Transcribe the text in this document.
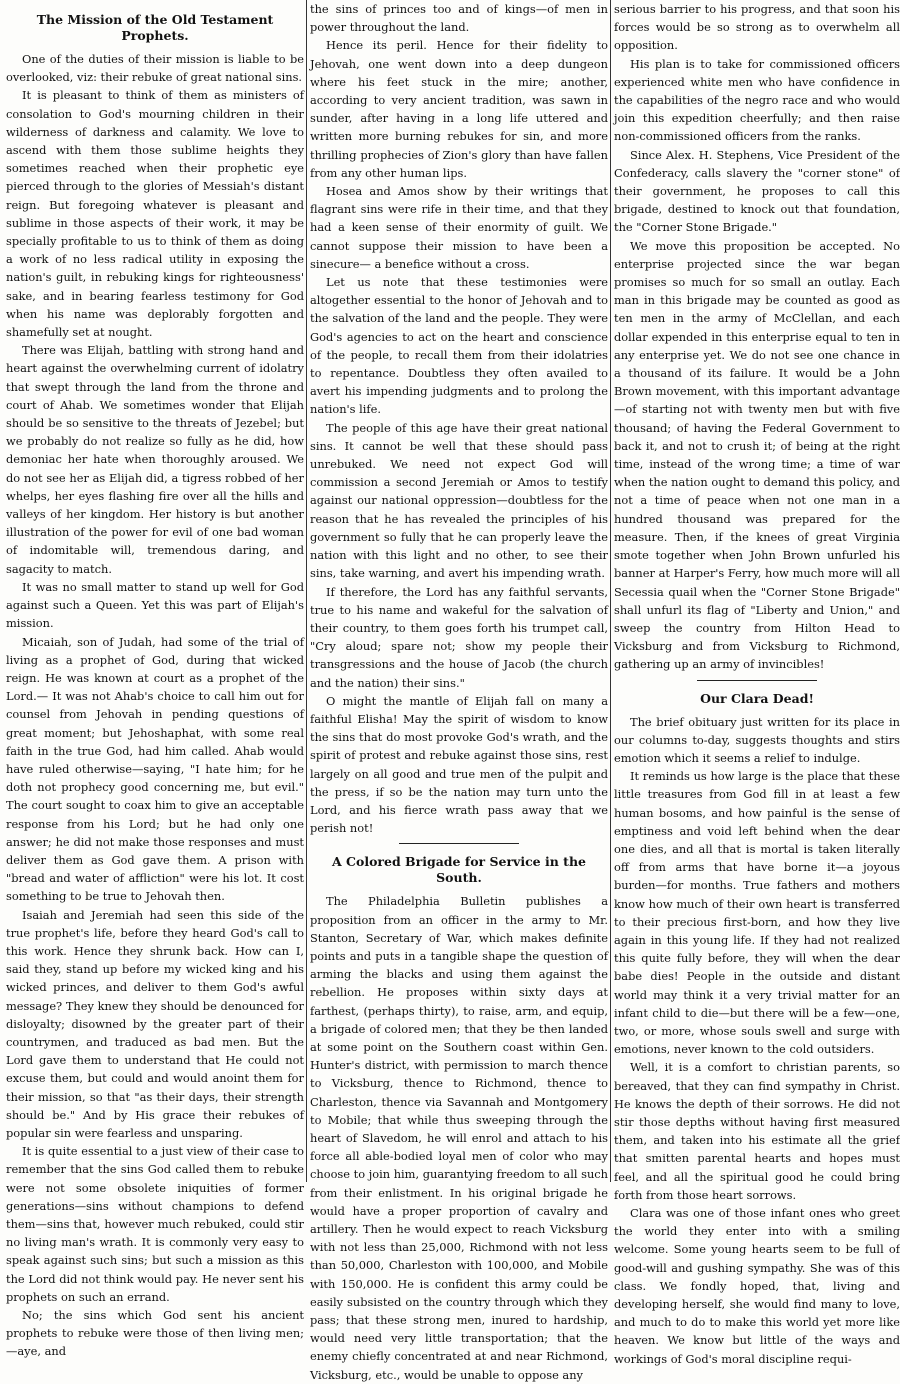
The Mission of the Old Testament Prophets.

One of the duties of their mission is liable to be overlooked, viz: their rebuke of great national sins.

It is pleasant to think of them as ministers of consolation to God's mourning children in their wilderness of darkness and calamity. We love to ascend with them those sublime heights they sometimes reached when their prophetic eye pierced through to the glories of Messiah's distant reign. But foregoing whatever is pleasant and sublime in those aspects of their work, it may be specially profitable to us to think of them as doing a work of no less radical utility in exposing the nation's guilt, in rebuking kings for righteousness' sake, and in bearing fearless testimony for God when his name was deplorably forgotten and shamefully set at nought.

There was Elijah, battling with strong hand and heart against the overwhelming current of idolatry that swept through the land from the throne and court of Ahab. We sometimes wonder that Elijah should be so sensitive to the threats of Jezebel; but we probably do not realize so fully as he did, how demoniac her hate when thoroughly aroused. We do not see her as Elijah did, a tigress robbed of her whelps, her eyes flashing fire over all the hills and valleys of her kingdom. Her history is but another illustration of the power for evil of one bad woman of indomitable will, tremendous daring, and sagacity to match.

It was no small matter to stand up well for God against such a Queen. Yet this was part of Elijah's mission.

Micaiah, son of Judah, had some of the trial of living as a prophet of God, during that wicked reign. He was known at court as a prophet of the Lord.— It was not Ahab's choice to call him out for counsel from Jehovah in pending questions of great moment; but Jehoshaphat, with some real faith in the true God, had him called. Ahab would have ruled otherwise—saying, "I hate him; for he doth not prophecy good concerning me, but evil." The court sought to coax him to give an acceptable response from his Lord; but he had only one answer; he did not make those responses and must deliver them as God gave them. A prison with "bread and water of affliction" were his lot. It cost something to be true to Jehovah then.

Isaiah and Jeremiah had seen this side of the true prophet's life, before they heard God's call to this work. Hence they shrunk back. How can I, said they, stand up before my wicked king and his wicked princes, and deliver to them God's awful message? They knew they should be denounced for disloyalty; disowned by the greater part of their countrymen, and traduced as bad men. But the Lord gave them to understand that He could not excuse them, but could and would anoint them for their mission, so that "as their days, their strength should be." And by His grace their rebukes of popular sin were fearless and unsparing.

It is quite essential to a just view of their case to remember that the sins God called them to rebuke were not some obsolete iniquities of former generations—sins without champions to defend them—sins that, however much rebuked, could stir no living man's wrath. It is commonly very easy to speak against such sins; but such a mission as this the Lord did not think would pay. He never sent his prophets on such an errand.

No; the sins which God sent his ancient prophets to rebuke were those of then living men;—aye, and

the sins of princes too and of kings—of men in power throughout the land.

Hence its peril. Hence for their fidelity to Jehovah, one went down into a deep dungeon where his feet stuck in the mire; another, according to very ancient tradition, was sawn in sunder, after having in a long life uttered and written more burning rebukes for sin, and more thrilling prophecies of Zion's glory than have fallen from any other human lips.

Hosea and Amos show by their writings that flagrant sins were rife in their time, and that they had a keen sense of their enormity of guilt. We cannot suppose their mission to have been a sinecure— a benefice without a cross.

Let us note that these testimonies were altogether essential to the honor of Jehovah and to the salvation of the land and the people. They were God's agencies to act on the heart and conscience of the people, to recall them from their idolatries to repentance. Doubtless they often availed to avert his impending judgments and to prolong the nation's life.

The people of this age have their great national sins. It cannot be well that these should pass unrebuked. We need not expect God will commission a second Jeremiah or Amos to testify against our national oppression—doubtless for the reason that he has revealed the principles of his government so fully that he can properly leave the nation with this light and no other, to see their sins, take warning, and avert his impending wrath.

If therefore, the Lord has any faithful servants, true to his name and wakeful for the salvation of their country, to them goes forth his trumpet call, "Cry aloud; spare not; show my people their transgressions and the house of Jacob (the church and the nation) their sins."

O might the mantle of Elijah fall on many a faithful Elisha! May the spirit of wisdom to know the sins that do most provoke God's wrath, and the spirit of protest and rebuke against those sins, rest largely on all good and true men of the pulpit and the press, if so be the nation may turn unto the Lord, and his fierce wrath pass away that we perish not!

A Colored Brigade for Service in the South.

The Philadelphia Bulletin publishes a proposition from an officer in the army to Mr. Stanton, Secretary of War, which makes definite points and puts in a tangible shape the question of arming the blacks and using them against the rebellion. He proposes within sixty days at farthest, (perhaps thirty), to raise, arm, and equip, a brigade of colored men; that they be then landed at some point on the Southern coast within Gen. Hunter's district, with permission to march thence to Vicksburg, thence to Richmond, thence to Charleston, thence via Savannah and Montgomery to Mobile; that while thus sweeping through the heart of Slavedom, he will enrol and attach to his force all able-bodied loyal men of color who may choose to join him, guarantying freedom to all such from their enlistment. In his original brigade he would have a proper proportion of cavalry and artillery. Then he would expect to reach Vicksburg with not less than 25,000, Richmond with not less than 50,000, Charleston with 100,000, and Mobile with 150,000. He is confident this army could be easily subsisted on the country through which they pass; that these strong men, inured to hardship, would need very little transportation; that the enemy chiefly concentrated at and near Richmond, Vicksburg, etc., would be unable to oppose any

serious barrier to his progress, and that soon his forces would be so strong as to overwhelm all opposition.

His plan is to take for commissioned officers experienced white men who have confidence in the capabilities of the negro race and who would join this expedition cheerfully; and then raise non-commissioned officers from the ranks.

Since Alex. H. Stephens, Vice President of the Confederacy, calls slavery the "corner stone" of their government, he proposes to call this brigade, destined to knock out that foundation, the "Corner Stone Brigade."

We move this proposition be accepted. No enterprise projected since the war began promises so much for so small an outlay. Each man in this brigade may be counted as good as ten men in the army of McClellan, and each dollar expended in this enterprise equal to ten in any enterprise yet. We do not see one chance in a thousand of its failure. It would be a John Brown movement, with this important advantage—of starting not with twenty men but with five thousand; of having the Federal Government to back it, and not to crush it; of being at the right time, instead of the wrong time; a time of war when the nation ought to demand this policy, and not a time of peace when not one man in a hundred thousand was prepared for the measure. Then, if the knees of great Virginia smote together when John Brown unfurled his banner at Harper's Ferry, how much more will all Secessia quail when the "Corner Stone Brigade" shall unfurl its flag of "Liberty and Union," and sweep the country from Hilton Head to Vicksburg and from Vicksburg to Richmond, gathering up an army of invincibles!

Our Clara Dead!

The brief obituary just written for its place in our columns to-day, suggests thoughts and stirs emotion which it seems a relief to indulge.

It reminds us how large is the place that these little treasures from God fill in at least a few human bosoms, and how painful is the sense of emptiness and void left behind when the dear one dies, and all that is mortal is taken literally off from arms that have borne it—a joyous burden—for months. True fathers and mothers know how much of their own heart is transferred to their precious first-born, and how they live again in this young life. If they had not realized this quite fully before, they will when the dear babe dies! People in the outside and distant world may think it a very trivial matter for an infant child to die—but there will be a few—one, two, or more, whose souls swell and surge with emotions, never known to the cold outsiders.

Well, it is a comfort to christian parents, so bereaved, that they can find sympathy in Christ. He knows the depth of their sorrows. He did not stir those depths without having first measured them, and taken into his estimate all the grief that smitten parental hearts and hopes must feel, and all the spiritual good he could bring forth from those heart sorrows.

Clara was one of those infant ones who greet the world they enter into with a smiling welcome. Some young hearts seem to be full of good-will and gushing sympathy. She was of this class. We fondly hoped, that, living and developing herself, she would find many to love, and much to do to make this world yet more like heaven. We know but little of the ways and workings of God's moral discipline requi-
